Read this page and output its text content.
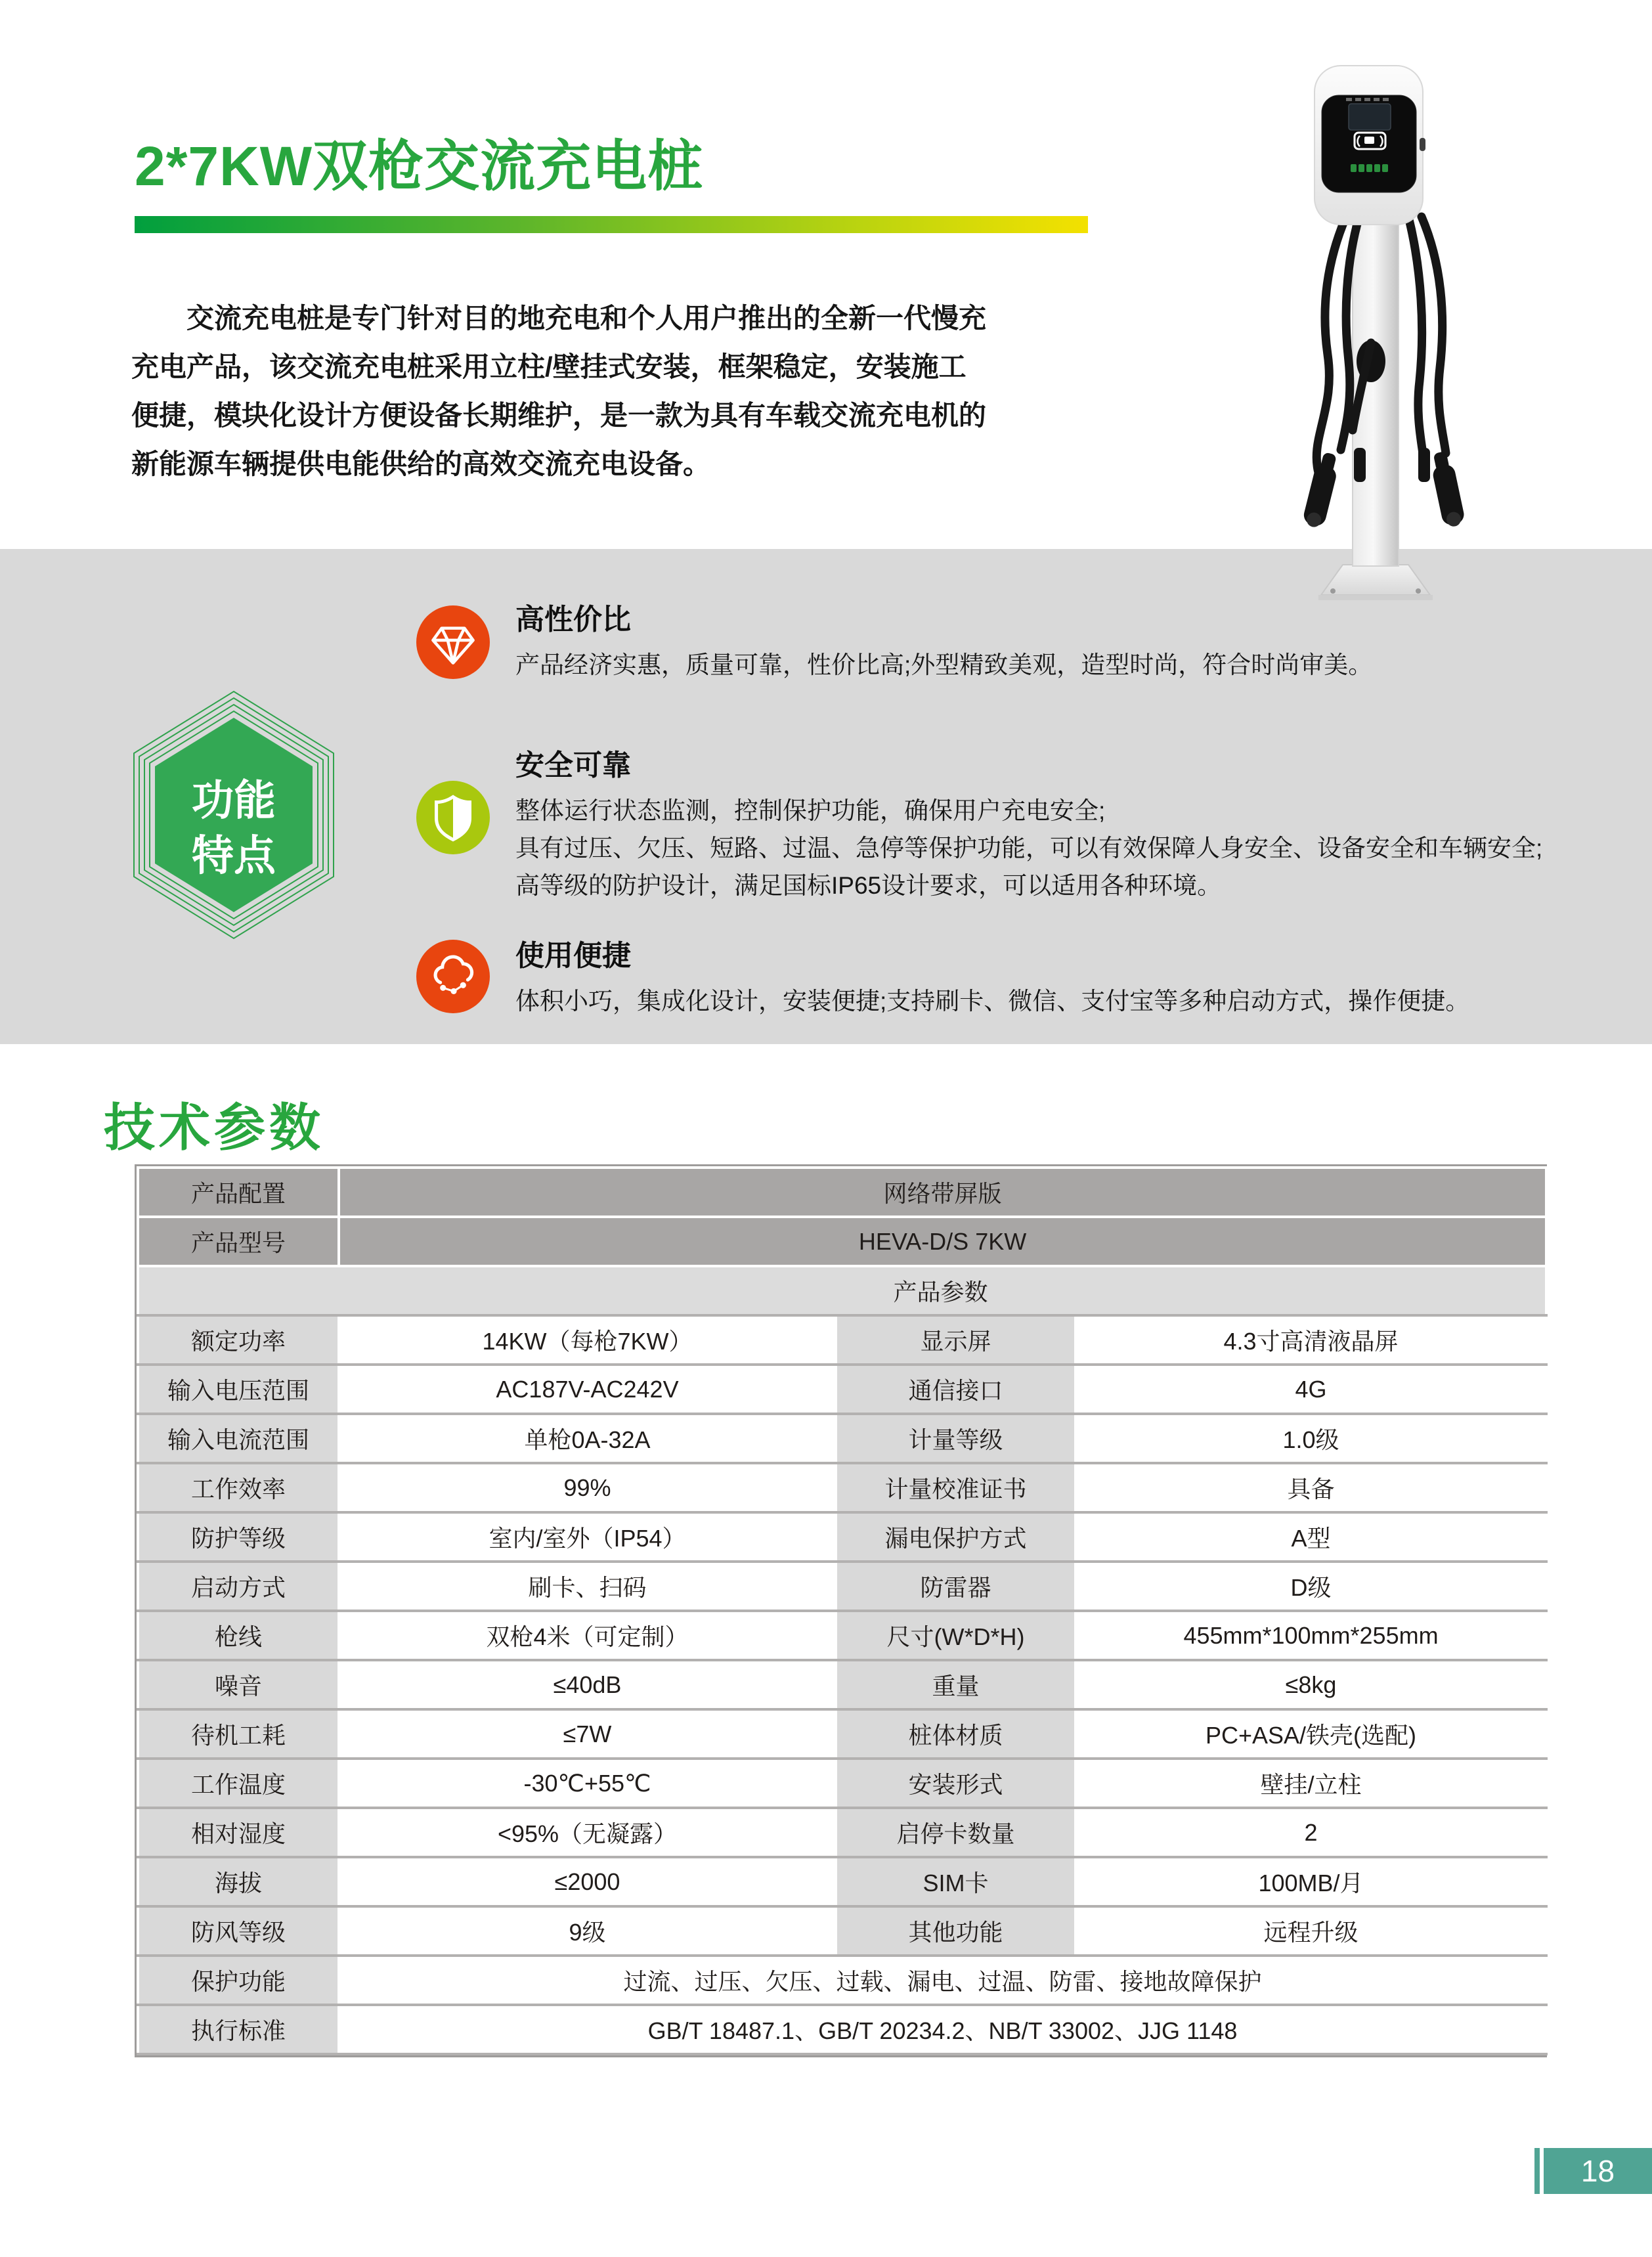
2*7KW双枪交流充电桩
交流充电桩是专门针对目的地充电和个人用户推出的全新一代慢充
充电产品，该交流充电桩采用立柱/壁挂式安装，框架稳定，安装施工
便捷，模块化设计方便设备长期维护，是一款为具有车载交流充电机的
新能源车辆提供电能供给的高效交流充电设备。
功能
特点
高性价比
产品经济实惠，质量可靠，性价比高;外型精致美观，造型时尚，符合时尚审美。
安全可靠
整体运行状态监测，控制保护功能，确保用户充电安全;
具有过压、欠压、短路、过温、急停等保护功能，可以有效保障人身安全、设备安全和车辆安全;
高等级的防护设计，满足国标IP65设计要求，可以适用各种环境。
使用便捷
体积小巧，集成化设计，安装便捷;支持刷卡、微信、支付宝等多种启动方式，操作便捷。
技术参数
产品配置	网络带屏版		
产品型号	HEVA-D/S 7KW		
产品参数			
额定功率	14KW（每枪7KW）	显示屏	4.3寸高清液晶屏
输入电压范围	AC187V-AC242V	通信接口	4G
输入电流范围	单枪0A-32A	计量等级	1.0级
工作效率	99%	计量校准证书	具备
防护等级	室内/室外（IP54）	漏电保护方式	A型
启动方式	刷卡、扫码	防雷器	D级
枪线	双枪4米（可定制）	尺寸(W*D*H)	455mm*100mm*255mm
噪音	≤40dB	重量	≤8kg
待机工耗	≤7W	桩体材质	PC+ASA/铁壳(选配)
工作温度	-30℃+55℃	安装形式	壁挂/立柱
相对湿度	<95%（无凝露）	启停卡数量	2
海拔	≤2000	SIM卡	100MB/月
防风等级	9级	其他功能	远程升级
保护功能	过流、过压、欠压、过载、漏电、过温、防雷、接地故障保护		
执行标准	GB/T 18487.1、GB/T 20234.2、NB/T 33002、JJG 1148		
18
